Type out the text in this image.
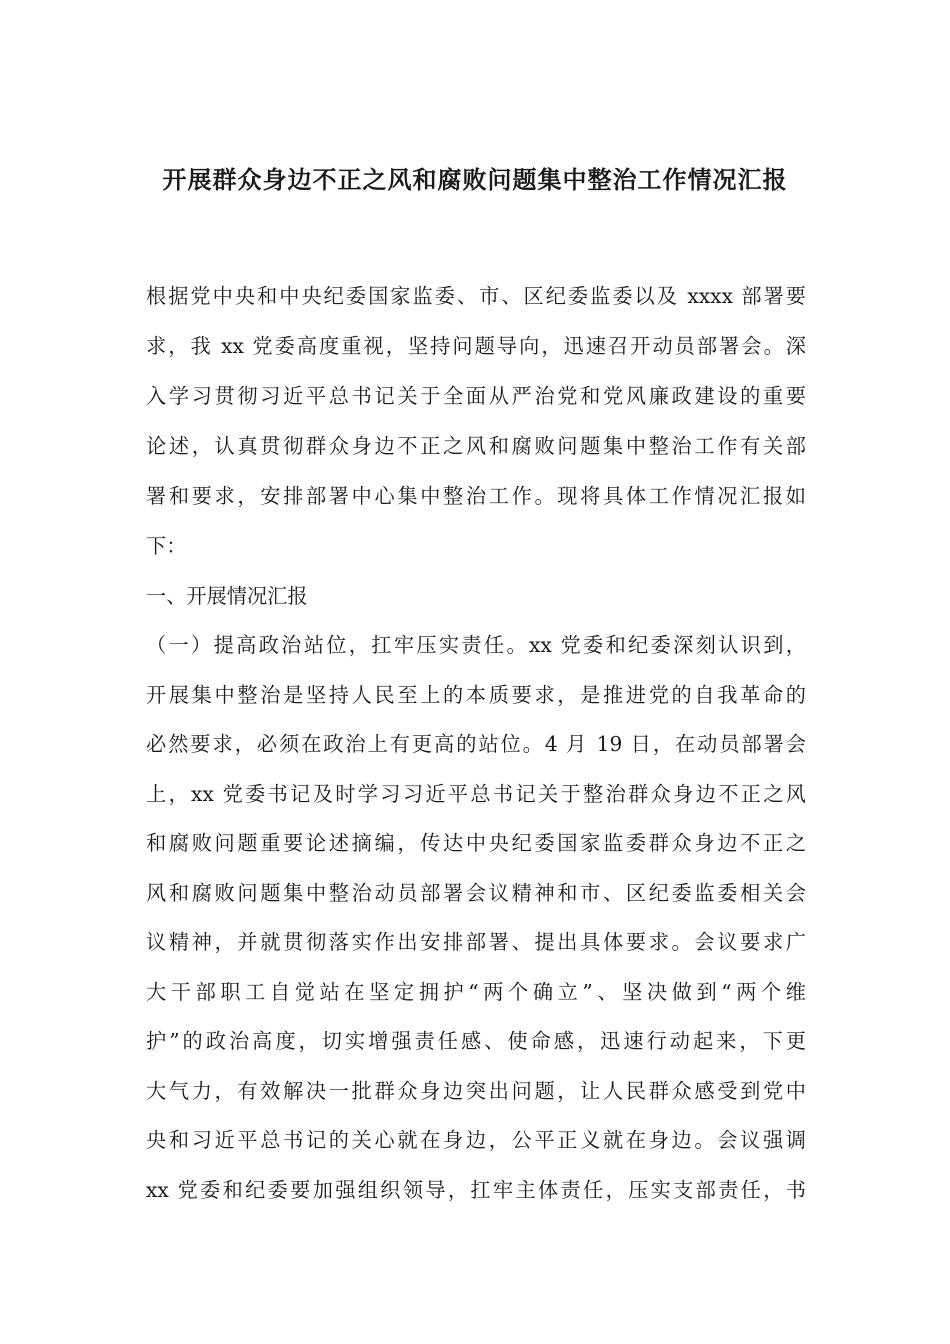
开展群众身边不正之风和腐败问题集中整治工作情况汇报
根据党中央和中央纪委国家监委、市、区纪委监委以及 xxxx 部署要
求，我 xx 党委高度重视，坚持问题导向，迅速召开动员部署会。深
入学习贯彻习近平总书记关于全面从严治党和党风廉政建设的重要
论述，认真贯彻群众身边不正之风和腐败问题集中整治工作有关部
署和要求，安排部署中心集中整治工作。现将具体工作情况汇报如
下：
一、开展情况汇报
（一）提高政治站位，扛牢压实责任。xx 党委和纪委深刻认识到，
开展集中整治是坚持人民至上的本质要求，是推进党的自我革命的
必然要求，必须在政治上有更高的站位。4 月 19 日，在动员部署会
上，xx 党委书记及时学习习近平总书记关于整治群众身边不正之风
和腐败问题重要论述摘编，传达中央纪委国家监委群众身边不正之
风和腐败问题集中整治动员部署会议精神和市、区纪委监委相关会
议精神，并就贯彻落实作出安排部署、提出具体要求。会议要求广
大干部职工自觉站在坚定拥护“两个确立”、坚决做到“两个维
护”的政治高度，切实增强责任感、使命感，迅速行动起来，下更
大气力，有效解决一批群众身边突出问题，让人民群众感受到党中
央和习近平总书记的关心就在身边，公平正义就在身边。会议强调
xx 党委和纪委要加强组织领导，扛牢主体责任，压实支部责任，书
